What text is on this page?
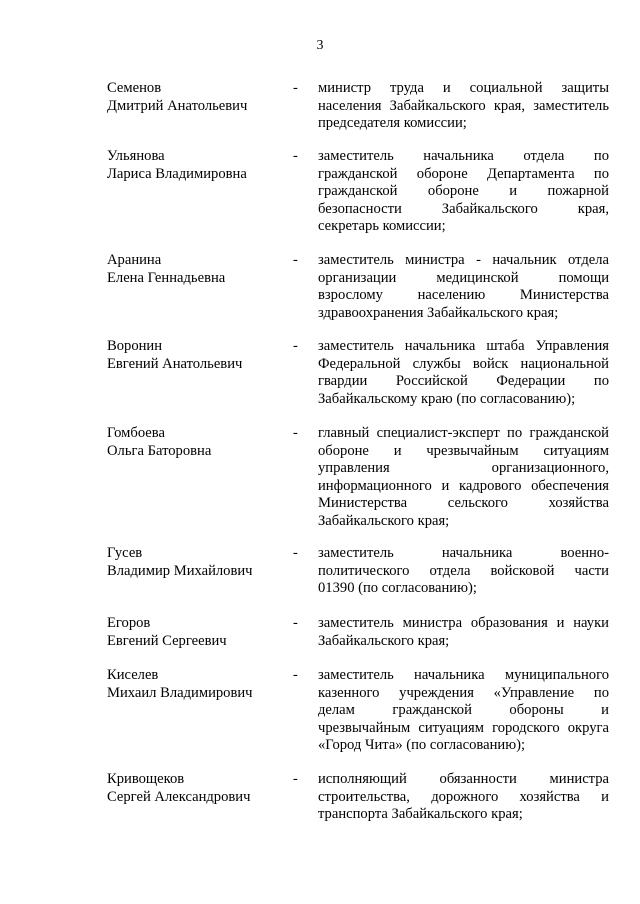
3
Семенов
Дмитрий Анатольевич
- министр труда и социальной защиты
населения Забайкальского края, заместитель
председателя комиссии;
Ульянова
Лариса Владимировна
- заместитель начальника отдела по
гражданской обороне Департамента по
гражданской обороне и пожарной
безопасности Забайкальского края,
секретарь комиссии;
Аранина
Елена Геннадьевна
- заместитель министра - начальник отдела
организации медицинской помощи
взрослому населению Министерства
здравоохранения Забайкальского края;
Воронин
Евгений Анатольевич
- заместитель начальника штаба Управления
Федеральной службы войск национальной
гвардии Российской Федерации по
Забайкальскому краю (по согласованию);
Гомбоева
Ольга Баторовна
- главный специалист-эксперт по гражданской
обороне и чрезвычайным ситуациям
управления организационного,
информационного и кадрового обеспечения
Министерства сельского хозяйства
Забайкальского края;
Гусев
Владимир Михайлович
- заместитель начальника военно-
политического отдела войсковой части
01390 (по согласованию);
Егоров
Евгений Сергеевич
- заместитель министра образования и науки
Забайкальского края;
Киселев
Михаил Владимирович
- заместитель начальника муниципального
казенного учреждения «Управление по
делам гражданской обороны и
чрезвычайным ситуациям городского округа
«Город Чита» (по согласованию);
Кривощеков
Сергей Александрович
- исполняющий обязанности министра
строительства, дорожного хозяйства и
транспорта Забайкальского края;
